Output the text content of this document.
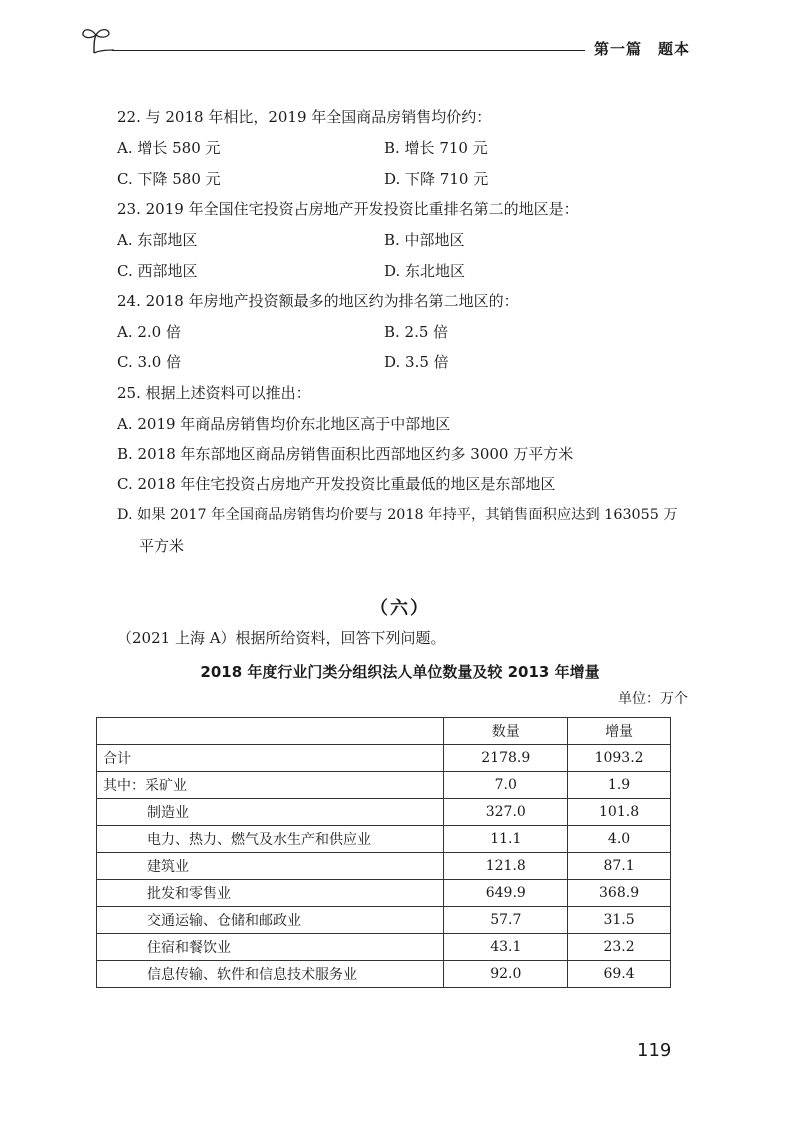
第一篇　题本
22. 与 2018 年相比，2019 年全国商品房销售均价约：
A. 增长 580 元	B. 增长 710 元
C. 下降 580 元	D. 下降 710 元
23. 2019 年全国住宅投资占房地产开发投资比重排名第二的地区是：
A. 东部地区	B. 中部地区
C. 西部地区	D. 东北地区
24. 2018 年房地产投资额最多的地区约为排名第二地区的：
A. 2.0 倍	B. 2.5 倍
C. 3.0 倍	D. 3.5 倍
25. 根据上述资料可以推出：
A. 2019 年商品房销售均价东北地区高于中部地区
B. 2018 年东部地区商品房销售面积比西部地区约多 3000 万平方米
C. 2018 年住宅投资占房地产开发投资比重最低的地区是东部地区
D. 如果 2017 年全国商品房销售均价要与 2018 年持平，其销售面积应达到 163055 万
平方米
（六）
（2021 上海 A）根据所给资料，回答下列问题。
2018 年度行业门类分组织法人单位数量及较 2013 年增量
单位：万个
	数量	增量
合计	2178.9	1093.2
其中：采矿业	7.0	1.9
制造业	327.0	101.8
电力、热力、燃气及水生产和供应业	11.1	4.0
建筑业	121.8	87.1
批发和零售业	649.9	368.9
交通运输、仓储和邮政业	57.7	31.5
住宿和餐饮业	43.1	23.2
信息传输、软件和信息技术服务业	92.0	69.4
119
